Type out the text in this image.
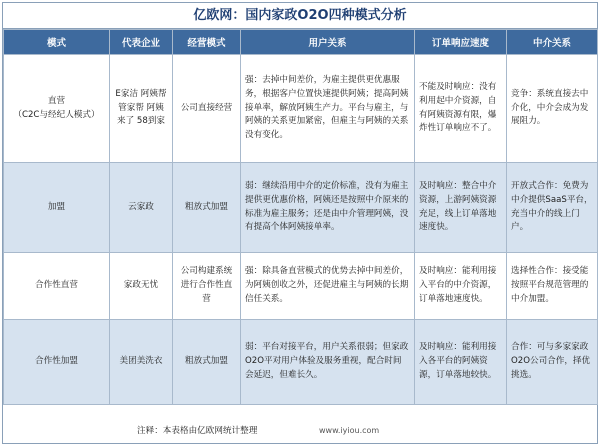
亿欧网：国内家政O2O四种模式分析
模式	代表企业	经营模式	用户关系	订单响应速度	中介关系

直营
（C2C与经纪人模式）	E家洁 阿姨帮 管家帮 阿姨来了 58到家	公司直接经营	强：去掉中间差价，为雇主提供更优惠服务，根据客户位置快速提供阿姨；提高阿姨接单率，解放阿姨生产力。平台与雇主，与阿姨的关系更加紧密，但雇主与阿姨的关系没有变化。	不能及时响应：没有利用起中介资源，自有阿姨资源有限，爆炸性订单响应不了。	竞争：系统直接去中介化，中介会成为发展阻力。
加盟	云家政	粗放式加盟	弱：继续沿用中介的定价标准，没有为雇主提供更优惠价格，阿姨还是按照中介原来的标准为雇主服务；还是由中介管理阿姨，没有提高个体阿姨接单率。	及时响应：整合中介资源，上游阿姨资源充足，线上订单落地速度快。	开放式合作：免费为中介提供SaaS平台，充当中介的线上门户。
合作性直营	家政无忧	公司构建系统进行合作性直营	强：除具备直营模式的优势去掉中间差价，为阿姨创收之外，还促进雇主与阿姨的长期信任关系。	及时响应：能利用接入平台的中介资源，订单落地速度快。	选择性合作：接受能按照平台规范管理的中介加盟。
合作性加盟	美团美洗衣	粗放式加盟	弱：平台对接平台，用户关系很弱；但家政O2O平对用户体验及服务重视，配合时间会延迟，但难长久。	及时响应：能利用接入各平台的阿姨资源，订单落地较快。	合作：可与多家家政O2O公司合作，择优挑选。
注释：本表格由亿欧网统计整理	www.iyiou.com
